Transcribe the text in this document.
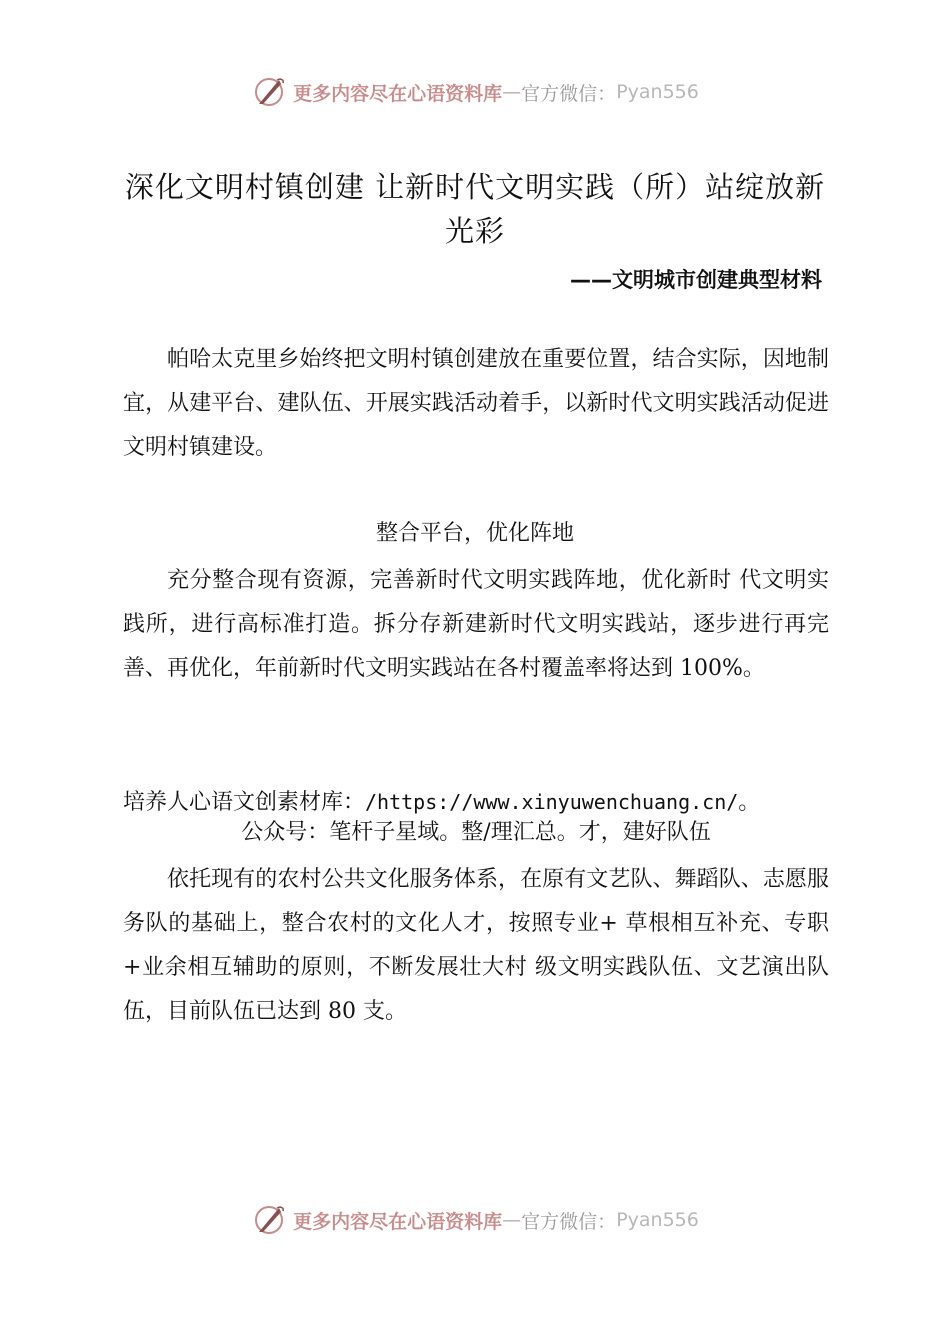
更多内容尽在心语资料库 — 官方微信： Pyan556
深化文明村镇创建 让新时代文明实践（所）站绽放新光彩
——文明城市创建典型材料

帕哈太克里乡始终把文明村镇创建放在重要位置，结合实际，因地制宜，从建平台、建队伍、开展实践活动着手，以新时代文明实践活动促进文明村镇建设。

整合平台，优化阵地

充分整合现有资源，完善新时代文明实践阵地，优化新时 代文明实践所，进行高标准打造。拆分存新建新时代文明实践站，逐步进行再完善、再优化，年前新时代文明实践站在各村覆盖率将达到 100%。

培养人心语文创素材库：/https://www.xinyuwenchuang.cn/。
公众号：笔杆子星域。整/理汇总。才，建好队伍

依托现有的农村公共文化服务体系，在原有文艺队、舞蹈队、志愿服务队的基础上，整合农村的文化人才，按照专业+ 草根相互补充、专职+业余相互辅助的原则，不断发展壮大村 级文明实践队伍、文艺演出队伍，目前队伍已达到 80 支。

更多内容尽在心语资料库 — 官方微信： Pyan556
